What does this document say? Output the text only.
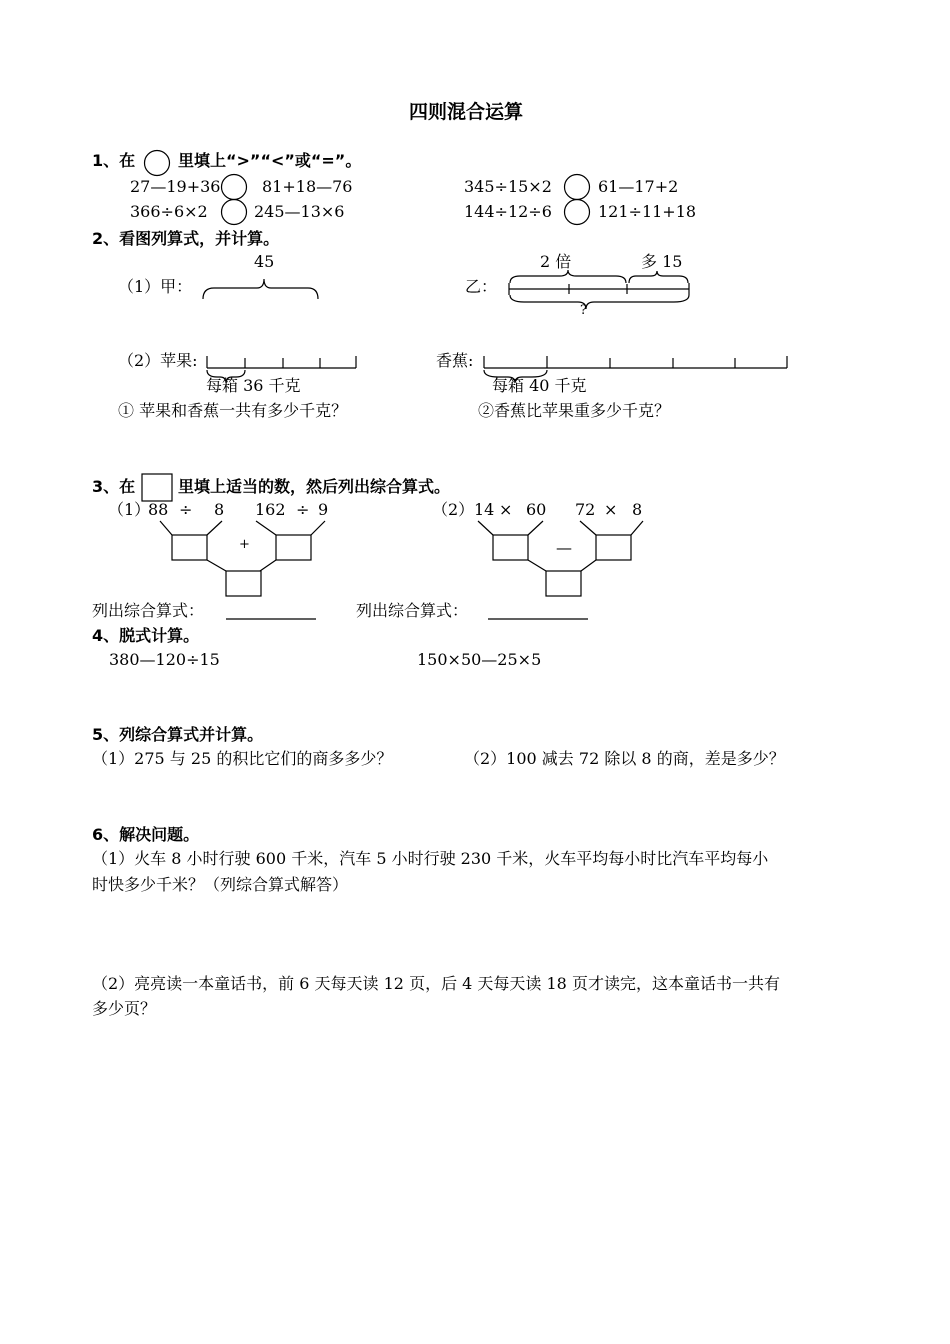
四则混合运算
1、在	里填上“>”“<”或“=”。
27—19+36	81+18—76	345÷15×2	61—17+2
366÷6×2	245—13×6	144÷12÷6	121÷11+18
2、看图列算式，并计算。
45
（1）甲：
2 倍	多 15
乙：
?
（2）苹果:	香蕉:
每箱 36 千克	每箱 40 千克
① 苹果和香蕉一共有多少千克？	②香蕉比苹果重多少千克？
3、在	里填上适当的数，然后列出综合算式。
（1）
88 ÷ 8 162 ÷ 9
+
（2） 14 × 60 72 × 8
—
列出综合算式：	列出综合算式：
4、脱式计算。
380—120÷15	150×50—25×5
5、列综合算式并计算。
（1）275 与 25 的积比它们的商多多少？	（2）100 减去 72 除以 8 的商，差是多少？
6、解决问题。
（1）火车 8 小时行驶 600 千米，汽车 5 小时行驶 230 千米，火车平均每小时比汽车平均每小
时快多少千米？（列综合算式解答）
（2）亮亮读一本童话书，前 6 天每天读 12 页，后 4 天每天读 18 页才读完，这本童话书一共有
多少页？
